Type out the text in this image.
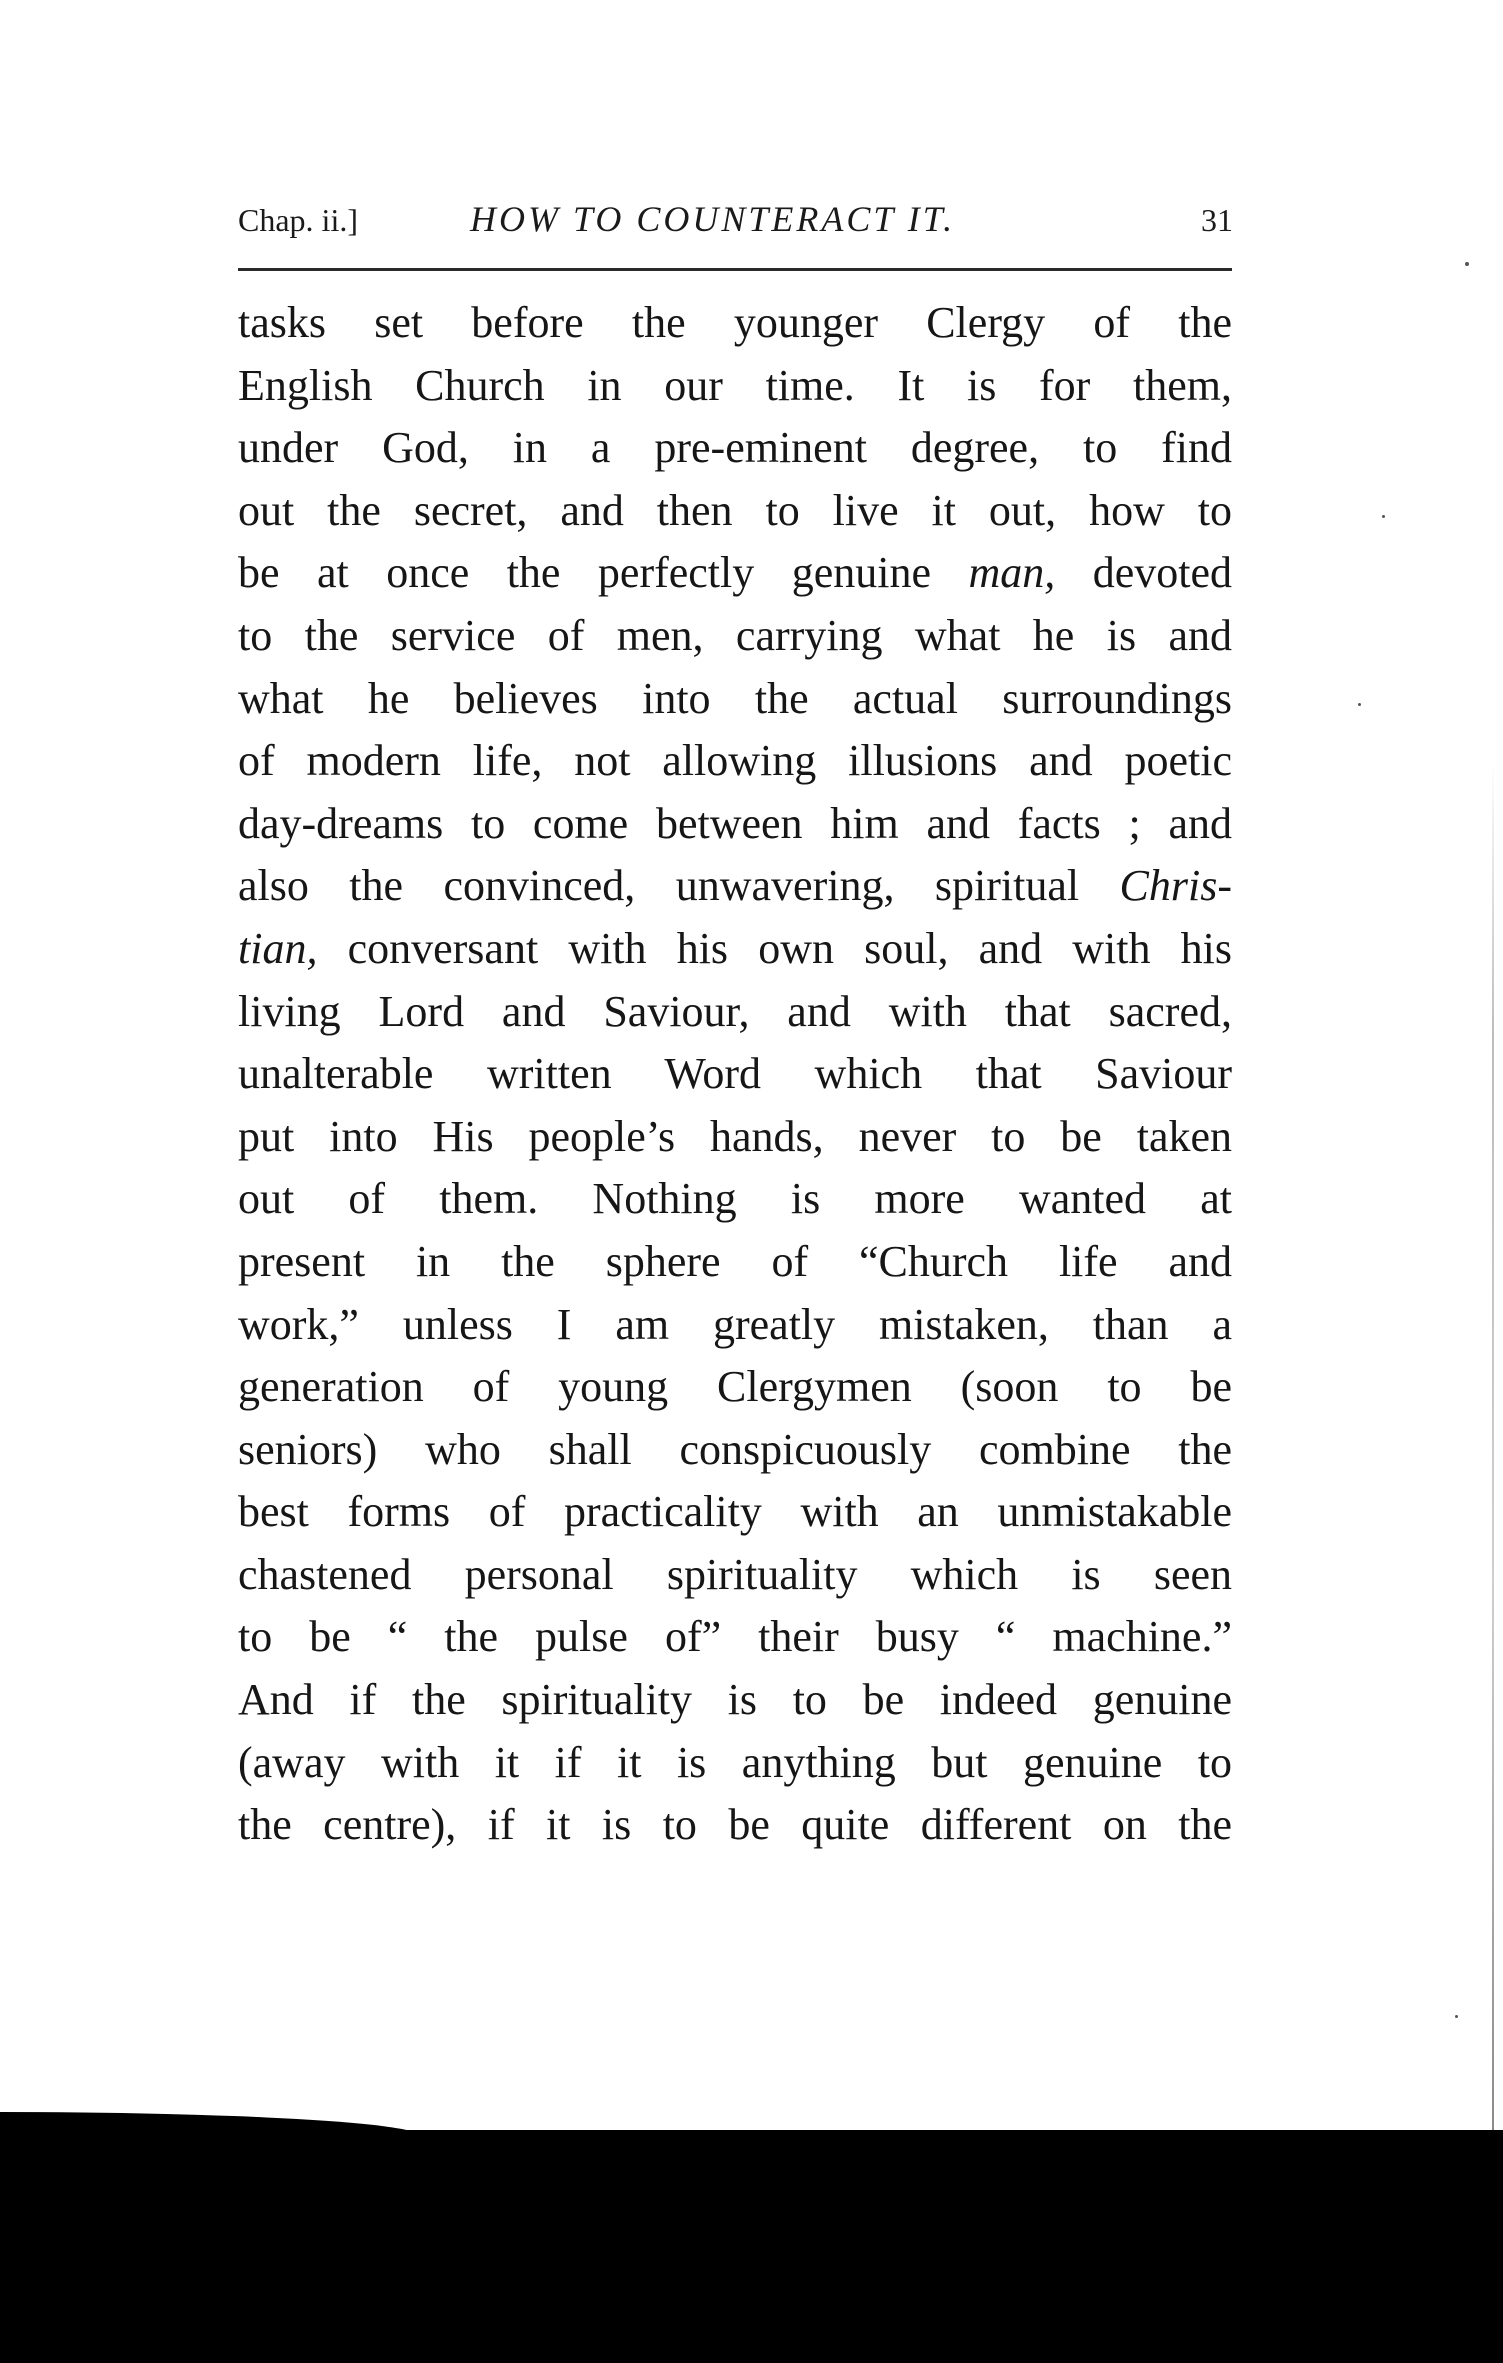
Chap. ii.]	HOW TO COUNTERACT IT.	31
tasks set before the younger Clergy of the
English Church in our time. It is for them,
under God, in a pre-eminent degree, to find
out the secret, and then to live it out, how to
be at once the perfectly genuine man, devoted
to the service of men, carrying what he is and
what he believes into the actual surroundings
of modern life, not allowing illusions and poetic
day-dreams to come between him and facts ; and
also the convinced, unwavering, spiritual Chris-
tian, conversant with his own soul, and with his
living Lord and Saviour, and with that sacred,
unalterable written Word which that Saviour
put into His people’s hands, never to be taken
out of them. Nothing is more wanted at
present in the sphere of “Church life and
work,” unless I am greatly mistaken, than a
generation of young Clergymen (soon to be
seniors) who shall conspicuously combine the
best forms of practicality with an unmistakable
chastened personal spirituality which is seen
to be “ the pulse of” their busy “ machine.”
And if the spirituality is to be indeed genuine
(away with it if it is anything but genuine to
the centre), if it is to be quite different on the
